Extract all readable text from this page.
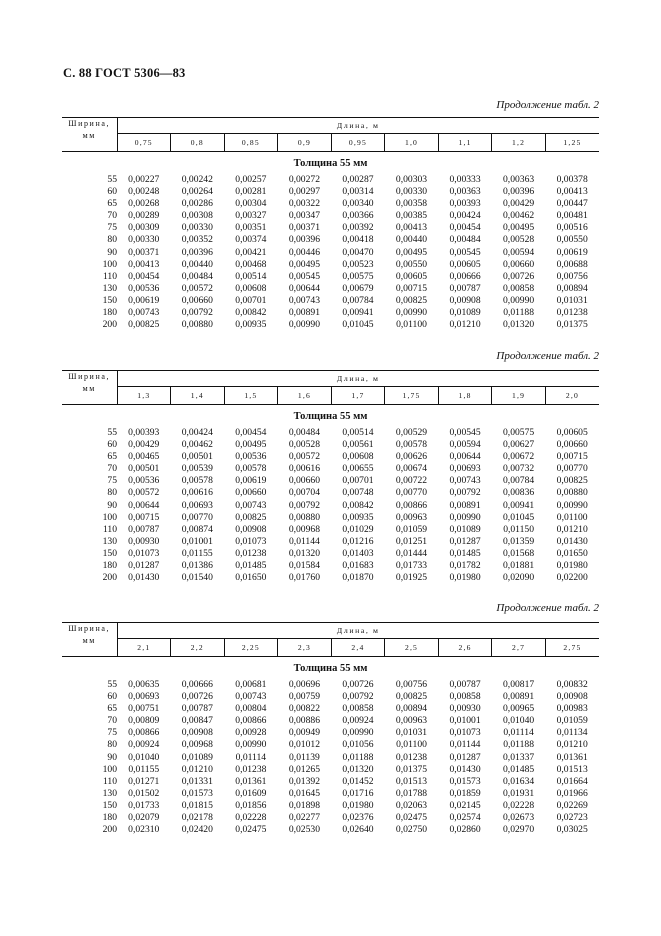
С. 88 ГОСТ 5306—83
Продолжение табл. 2
Ширина,
мм	Длина, м								
	0,75	0,8	0,85	0,9	0,95	1,0	1,1	1,2	1,25
Толщина 55 мм									
55	0,00227	0,00242	0,00257	0,00272	0,00287	0,00303	0,00333	0,00363	0,00378
60	0,00248	0,00264	0,00281	0,00297	0,00314	0,00330	0,00363	0,00396	0,00413
65	0,00268	0,00286	0,00304	0,00322	0,00340	0,00358	0,00393	0,00429	0,00447
70	0,00289	0,00308	0,00327	0,00347	0,00366	0,00385	0,00424	0,00462	0,00481
75	0,00309	0,00330	0,00351	0,00371	0,00392	0,00413	0,00454	0,00495	0,00516
80	0,00330	0,00352	0,00374	0,00396	0,00418	0,00440	0,00484	0,00528	0,00550
90	0,00371	0,00396	0,00421	0,00446	0,00470	0,00495	0,00545	0,00594	0,00619
100	0,00413	0,00440	0,00468	0,00495	0,00523	0,00550	0,00605	0,00660	0,00688
110	0,00454	0,00484	0,00514	0,00545	0,00575	0,00605	0,00666	0,00726	0,00756
130	0,00536	0,00572	0,00608	0,00644	0,00679	0,00715	0,00787	0,00858	0,00894
150	0,00619	0,00660	0,00701	0,00743	0,00784	0,00825	0,00908	0,00990	0,01031
180	0,00743	0,00792	0,00842	0,00891	0,00941	0,00990	0,01089	0,01188	0,01238
200	0,00825	0,00880	0,00935	0,00990	0,01045	0,01100	0,01210	0,01320	0,01375
Продолжение табл. 2
Ширина,
мм	Длина, м								
	1,3	1,4	1,5	1,6	1,7	1,75	1,8	1,9	2,0
Толщина 55 мм									
55	0,00393	0,00424	0,00454	0,00484	0,00514	0,00529	0,00545	0,00575	0,00605
60	0,00429	0,00462	0,00495	0,00528	0,00561	0,00578	0,00594	0,00627	0,00660
65	0,00465	0,00501	0,00536	0,00572	0,00608	0,00626	0,00644	0,00672	0,00715
70	0,00501	0,00539	0,00578	0,00616	0,00655	0,00674	0,00693	0,00732	0,00770
75	0,00536	0,00578	0,00619	0,00660	0,00701	0,00722	0,00743	0,00784	0,00825
80	0,00572	0,00616	0,00660	0,00704	0,00748	0,00770	0,00792	0,00836	0,00880
90	0,00644	0,00693	0,00743	0,00792	0,00842	0,00866	0,00891	0,00941	0,00990
100	0,00715	0,00770	0,00825	0,00880	0,00935	0,00963	0,00990	0,01045	0,01100
110	0,00787	0,00874	0,00908	0,00968	0,01029	0,01059	0,01089	0,01150	0,01210
130	0,00930	0,01001	0,01073	0,01144	0,01216	0,01251	0,01287	0,01359	0,01430
150	0,01073	0,01155	0,01238	0,01320	0,01403	0,01444	0,01485	0,01568	0,01650
180	0,01287	0,01386	0,01485	0,01584	0,01683	0,01733	0,01782	0,01881	0,01980
200	0,01430	0,01540	0,01650	0,01760	0,01870	0,01925	0,01980	0,02090	0,02200
Продолжение табл. 2
Ширина,
мм	Длина, м								
	2,1	2,2	2,25	2,3	2,4	2,5	2,6	2,7	2,75
Толщина 55 мм									
55	0,00635	0,00666	0,00681	0,00696	0,00726	0,00756	0,00787	0,00817	0,00832
60	0,00693	0,00726	0,00743	0,00759	0,00792	0,00825	0,00858	0,00891	0,00908
65	0,00751	0,00787	0,00804	0,00822	0,00858	0,00894	0,00930	0,00965	0,00983
70	0,00809	0,00847	0,00866	0,00886	0,00924	0,00963	0,01001	0,01040	0,01059
75	0,00866	0,00908	0,00928	0,00949	0,00990	0,01031	0,01073	0,01114	0,01134
80	0,00924	0,00968	0,00990	0,01012	0,01056	0,01100	0,01144	0,01188	0,01210
90	0,01040	0,01089	0,01114	0,01139	0,01188	0,01238	0,01287	0,01337	0,01361
100	0,01155	0,01210	0,01238	0,01265	0,01320	0,01375	0,01430	0,01485	0,01513
110	0,01271	0,01331	0,01361	0,01392	0,01452	0,01513	0,01573	0,01634	0,01664
130	0,01502	0,01573	0,01609	0,01645	0,01716	0,01788	0,01859	0,01931	0,01966
150	0,01733	0,01815	0,01856	0,01898	0,01980	0,02063	0,02145	0,02228	0,02269
180	0,02079	0,02178	0,02228	0,02277	0,02376	0,02475	0,02574	0,02673	0,02723
200	0,02310	0,02420	0,02475	0,02530	0,02640	0,02750	0,02860	0,02970	0,03025
